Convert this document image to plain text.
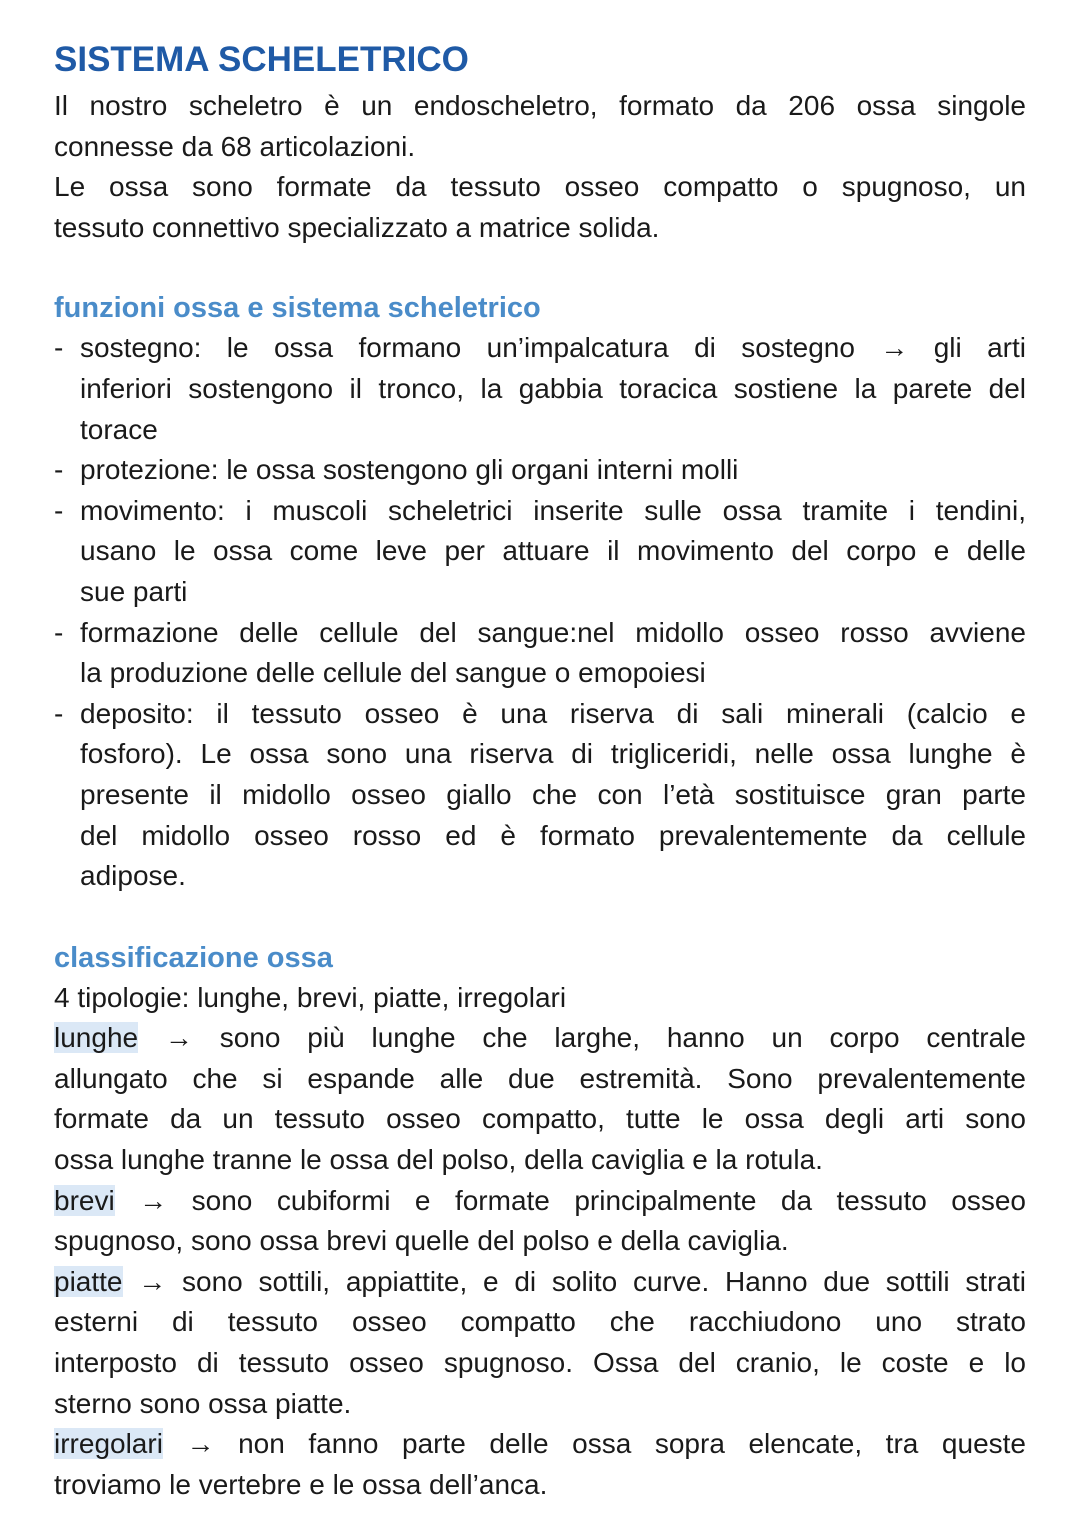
SISTEMA SCHELETRICO
Il nostro scheletro è un endoscheletro, formato da 206 ossa singole
connesse da 68 articolazioni.
Le ossa sono formate da tessuto osseo compatto o spugnoso, un
tessuto connettivo specializzato a matrice solida.
funzioni ossa e sistema scheletrico
- sostegno: le ossa formano un’impalcatura di sostegno → gli arti
inferiori sostengono il tronco, la gabbia toracica sostiene la parete del
torace
- protezione: le ossa sostengono gli organi interni molli
- movimento: i muscoli scheletrici inserite sulle ossa tramite i tendini,
usano le ossa come leve per attuare il movimento del corpo e delle
sue parti
- formazione delle cellule del sangue:nel midollo osseo rosso avviene
la produzione delle cellule del sangue o emopoiesi
- deposito: il tessuto osseo è una riserva di sali minerali (calcio e
fosforo). Le ossa sono una riserva di trigliceridi, nelle ossa lunghe è
presente il midollo osseo giallo che con l’età sostituisce gran parte
del midollo osseo rosso ed è formato prevalentemente da cellule
adipose.
classificazione ossa
4 tipologie: lunghe, brevi, piatte, irregolari
lunghe → sono più lunghe che larghe, hanno un corpo centrale
allungato che si espande alle due estremità. Sono prevalentemente
formate da un tessuto osseo compatto, tutte le ossa degli arti sono
ossa lunghe tranne le ossa del polso, della caviglia e la rotula.
brevi → sono cubiformi e formate principalmente da tessuto osseo
spugnoso, sono ossa brevi quelle del polso e della caviglia.
piatte → sono sottili, appiattite, e di solito curve. Hanno due sottili strati
esterni di tessuto osseo compatto che racchiudono uno strato
interposto di tessuto osseo spugnoso. Ossa del cranio, le coste e lo
sterno sono ossa piatte.
irregolari → non fanno parte delle ossa sopra elencate, tra queste
troviamo le vertebre e le ossa dell’anca.
